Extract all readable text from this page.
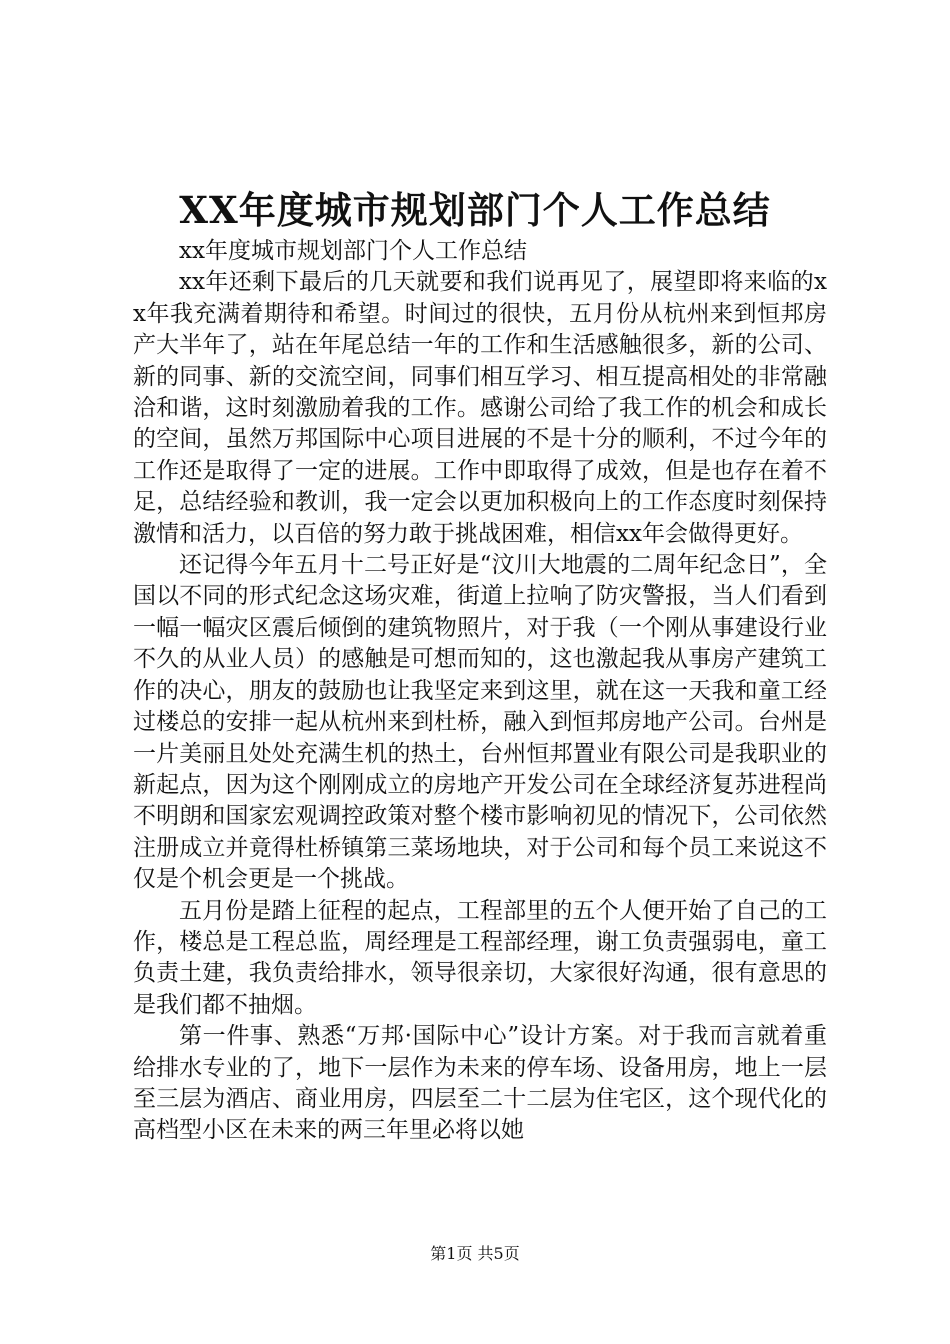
XX年度城市规划部门个人工作总结

xx年度城市规划部门个人工作总结

xx年还剩下最后的几天就要和我们说再见了，展望即将来临的xx年我充满着期待和希望。时间过的很快，五月份从杭州来到恒邦房产大半年了，站在年尾总结一年的工作和生活感触很多，新的公司、新的同事、新的交流空间，同事们相互学习、相互提高相处的非常融洽和谐，这时刻激励着我的工作。感谢公司给了我工作的机会和成长的空间，虽然万邦国际中心项目进展的不是十分的顺利，不过今年的工作还是取得了一定的进展。工作中即取得了成效，但是也存在着不足，总结经验和教训，我一定会以更加积极向上的工作态度时刻保持激情和活力，以百倍的努力敢于挑战困难，相信xx年会做得更好。

还记得今年五月十二号正好是“汶川大地震的二周年纪念日”，全国以不同的形式纪念这场灾难，街道上拉响了防灾警报，当人们看到一幅一幅灾区震后倾倒的建筑物照片，对于我（一个刚从事建设行业不久的从业人员）的感触是可想而知的，这也激起我从事房产建筑工作的决心，朋友的鼓励也让我坚定来到这里，就在这一天我和童工经过楼总的安排一起从杭州来到杜桥，融入到恒邦房地产公司。台州是一片美丽且处处充满生机的热土，台州恒邦置业有限公司是我职业的新起点，因为这个刚刚成立的房地产开发公司在全球经济复苏进程尚不明朗和国家宏观调控政策对整个楼市影响初见的情况下，公司依然注册成立并竟得杜桥镇第三菜场地块，对于公司和每个员工来说这不仅是个机会更是一个挑战。

五月份是踏上征程的起点，工程部里的五个人便开始了自己的工作，楼总是工程总监，周经理是工程部经理，谢工负责强弱电，童工负责土建，我负责给排水，领导很亲切，大家很好沟通，很有意思的是我们都不抽烟。

第一件事、熟悉“万邦·国际中心”设计方案。对于我而言就着重给排水专业的了，地下一层作为未来的停车场、设备用房，地上一层至三层为酒店、商业用房，四层至二十二层为住宅区，这个现代化的高档型小区在未来的两三年里必将以她

第1页 共5页
